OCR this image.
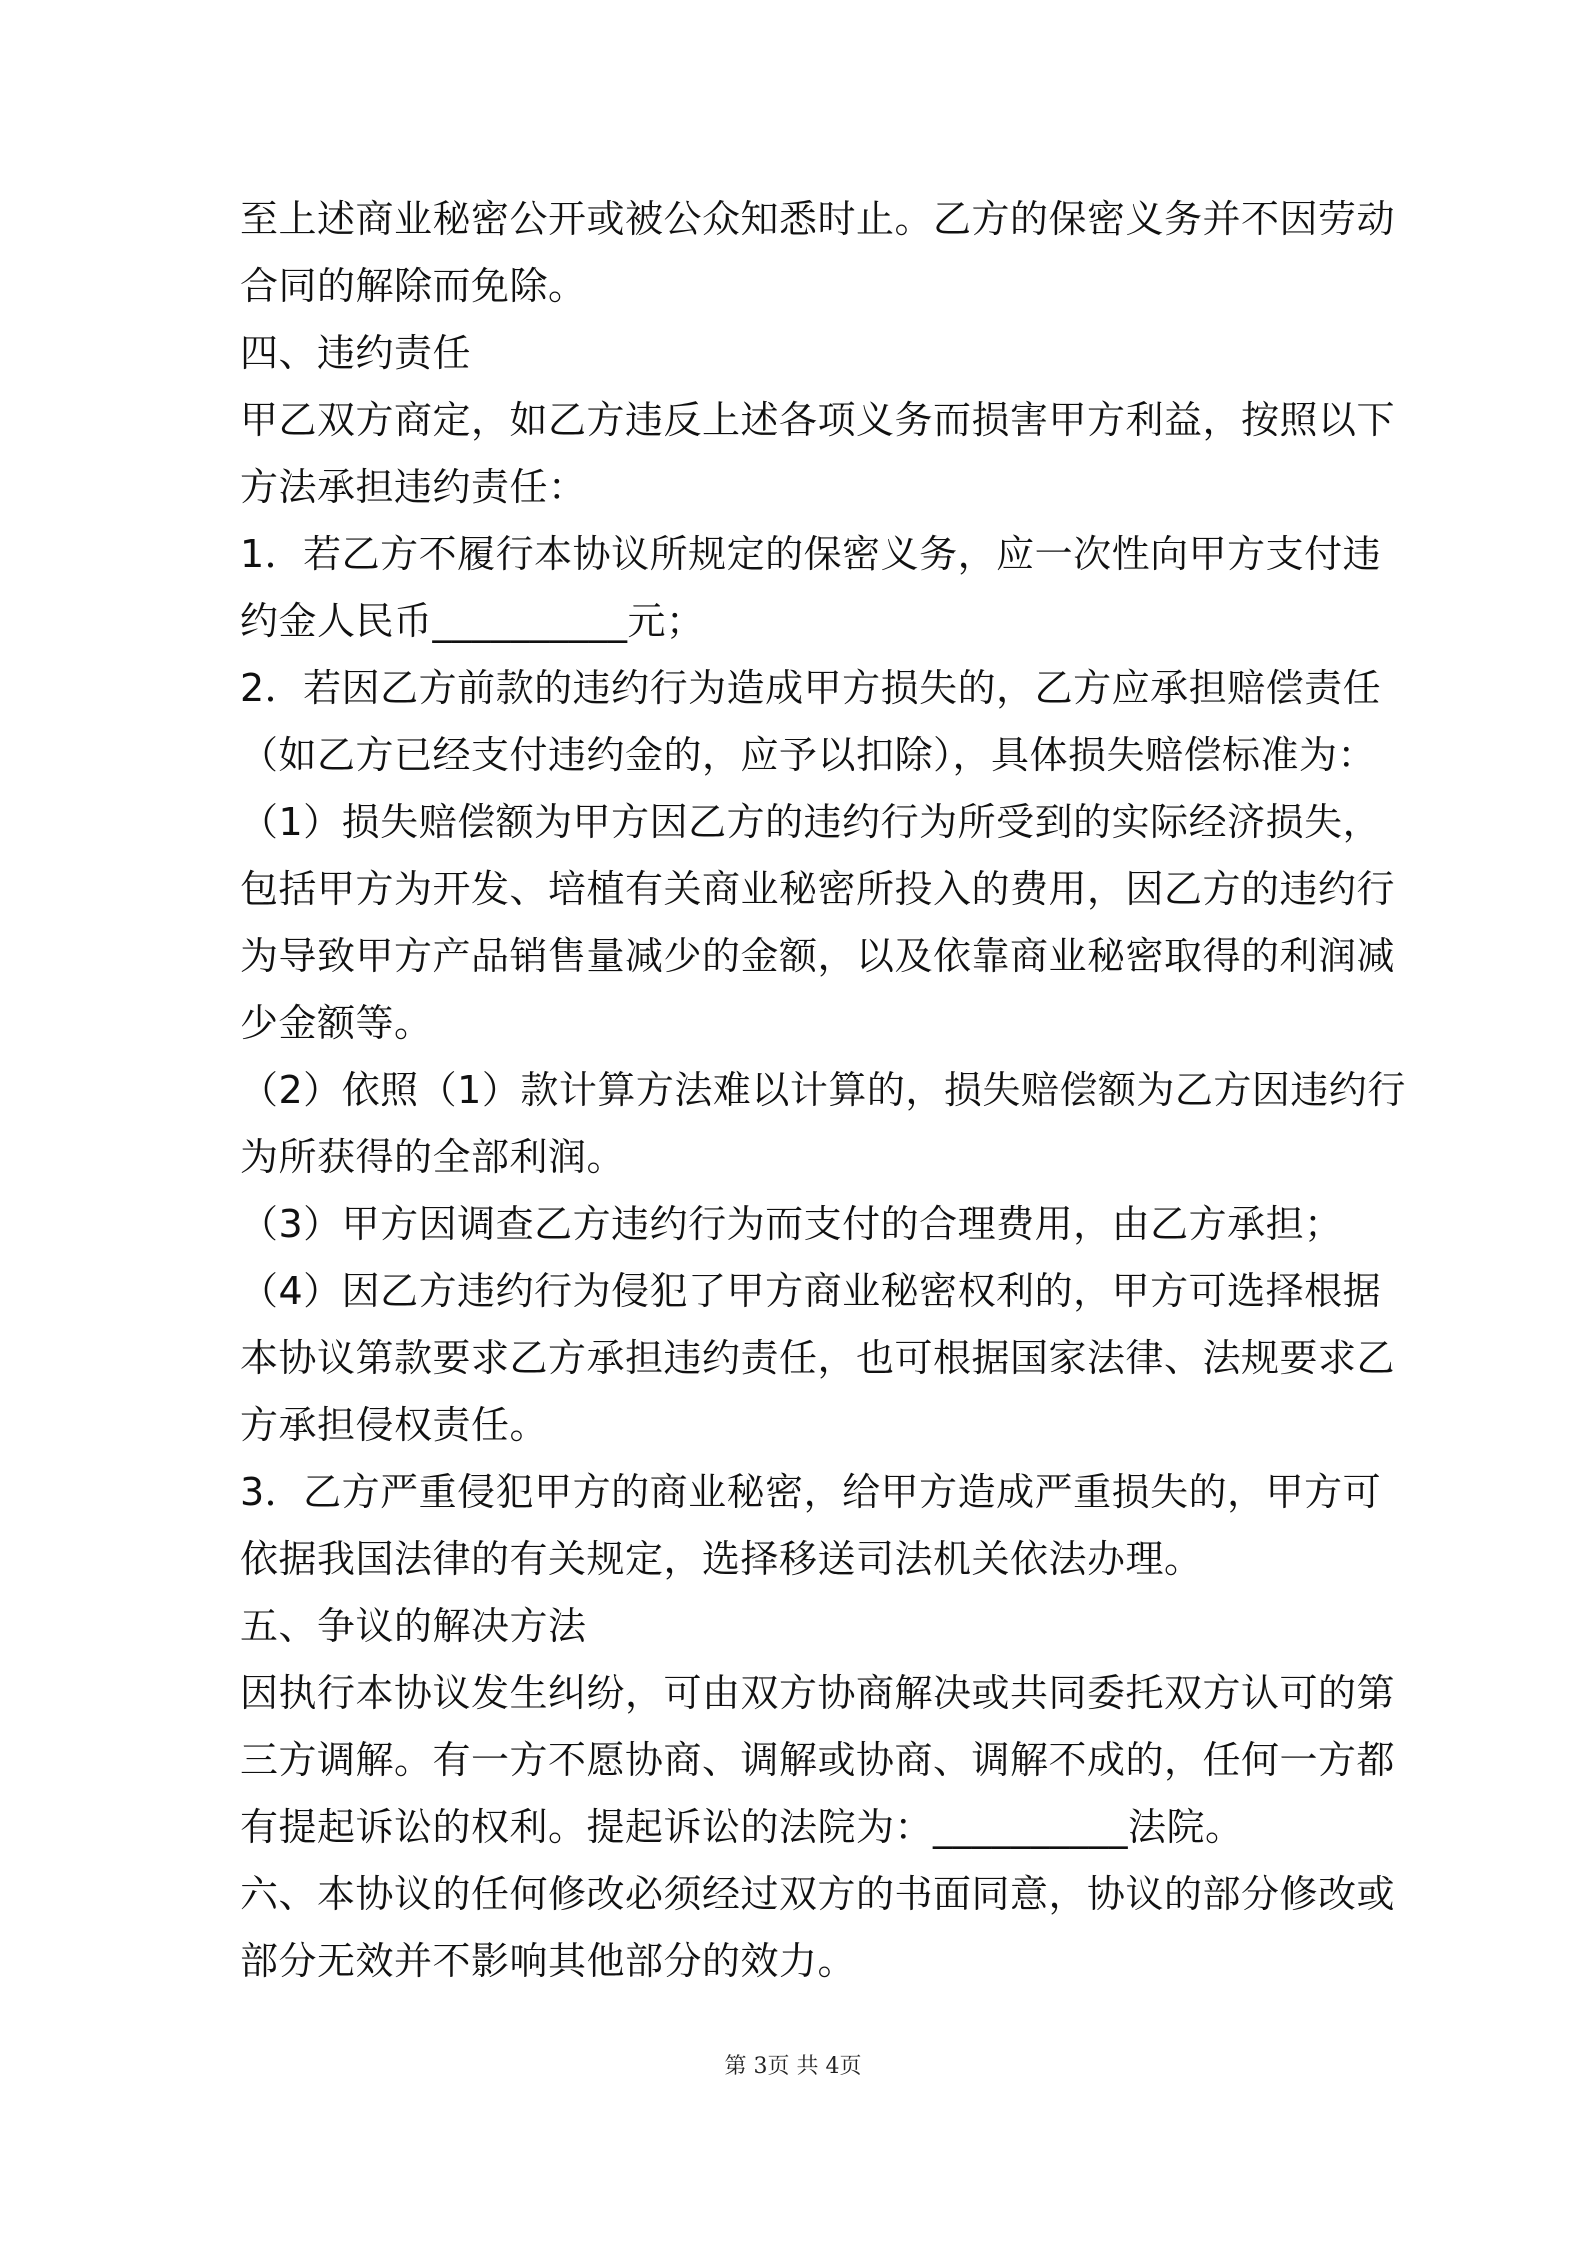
至上述商业秘密公开或被公众知悉时止。乙方的保密义务并不因劳动
合同的解除而免除。
四、违约责任
甲乙双方商定，如乙方违反上述各项义务而损害甲方利益，按照以下
方法承担违约责任：
1．若乙方不履行本协议所规定的保密义务，应一次性向甲方支付违
约金人民币__________元；
2．若因乙方前款的违约行为造成甲方损失的，乙方应承担赔偿责任
（如乙方已经支付违约金的，应予以扣除），具体损失赔偿标准为：
（1）损失赔偿额为甲方因乙方的违约行为所受到的实际经济损失，
包括甲方为开发、培植有关商业秘密所投入的费用，因乙方的违约行
为导致甲方产品销售量减少的金额，以及依靠商业秘密取得的利润减
少金额等。
（2）依照（1）款计算方法难以计算的，损失赔偿额为乙方因违约行
为所获得的全部利润。
（3）甲方因调查乙方违约行为而支付的合理费用，由乙方承担；
（4）因乙方违约行为侵犯了甲方商业秘密权利的，甲方可选择根据
本协议第款要求乙方承担违约责任，也可根据国家法律、法规要求乙
方承担侵权责任。
3．乙方严重侵犯甲方的商业秘密，给甲方造成严重损失的，甲方可
依据我国法律的有关规定，选择移送司法机关依法办理。
五、争议的解决方法
因执行本协议发生纠纷，可由双方协商解决或共同委托双方认可的第
三方调解。有一方不愿协商、调解或协商、调解不成的，任何一方都
有提起诉讼的权利。提起诉讼的法院为：__________法院。
六、本协议的任何修改必须经过双方的书面同意，协议的部分修改或
部分无效并不影响其他部分的效力。
第 3页 共 4页
